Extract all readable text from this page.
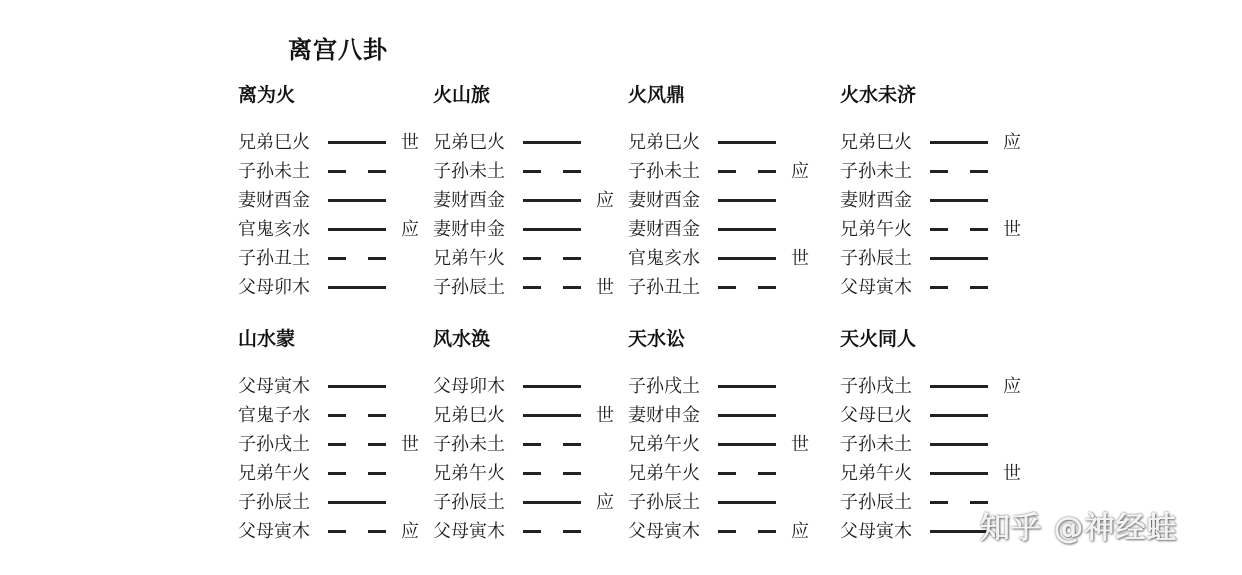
离宫八卦
离为火
兄弟巳火	世
子孙未土
妻财酉金
官鬼亥水	应
子孙丑土
父母卯木
火山旅
兄弟巳火
子孙未土
妻财酉金	应
妻财申金
兄弟午火
子孙辰土	世
火风鼎
兄弟巳火
子孙未土	应
妻财酉金
妻财酉金
官鬼亥水	世
子孙丑土
火水未济
兄弟巳火	应
子孙未土
妻财酉金
兄弟午火	世
子孙辰土
父母寅木
山水蒙
父母寅木
官鬼子水
子孙戌土	世
兄弟午火
子孙辰土
父母寅木	应
风水涣
父母卯木
兄弟巳火	世
子孙未土
兄弟午火
子孙辰土	应
父母寅木
天水讼
子孙戌土
妻财申金
兄弟午火	世
兄弟午火
子孙辰土
父母寅木	应
天火同人
子孙戌土	应
父母巳火
子孙未土
兄弟午火	世
子孙辰土
父母寅木 知乎 @神经蛙
